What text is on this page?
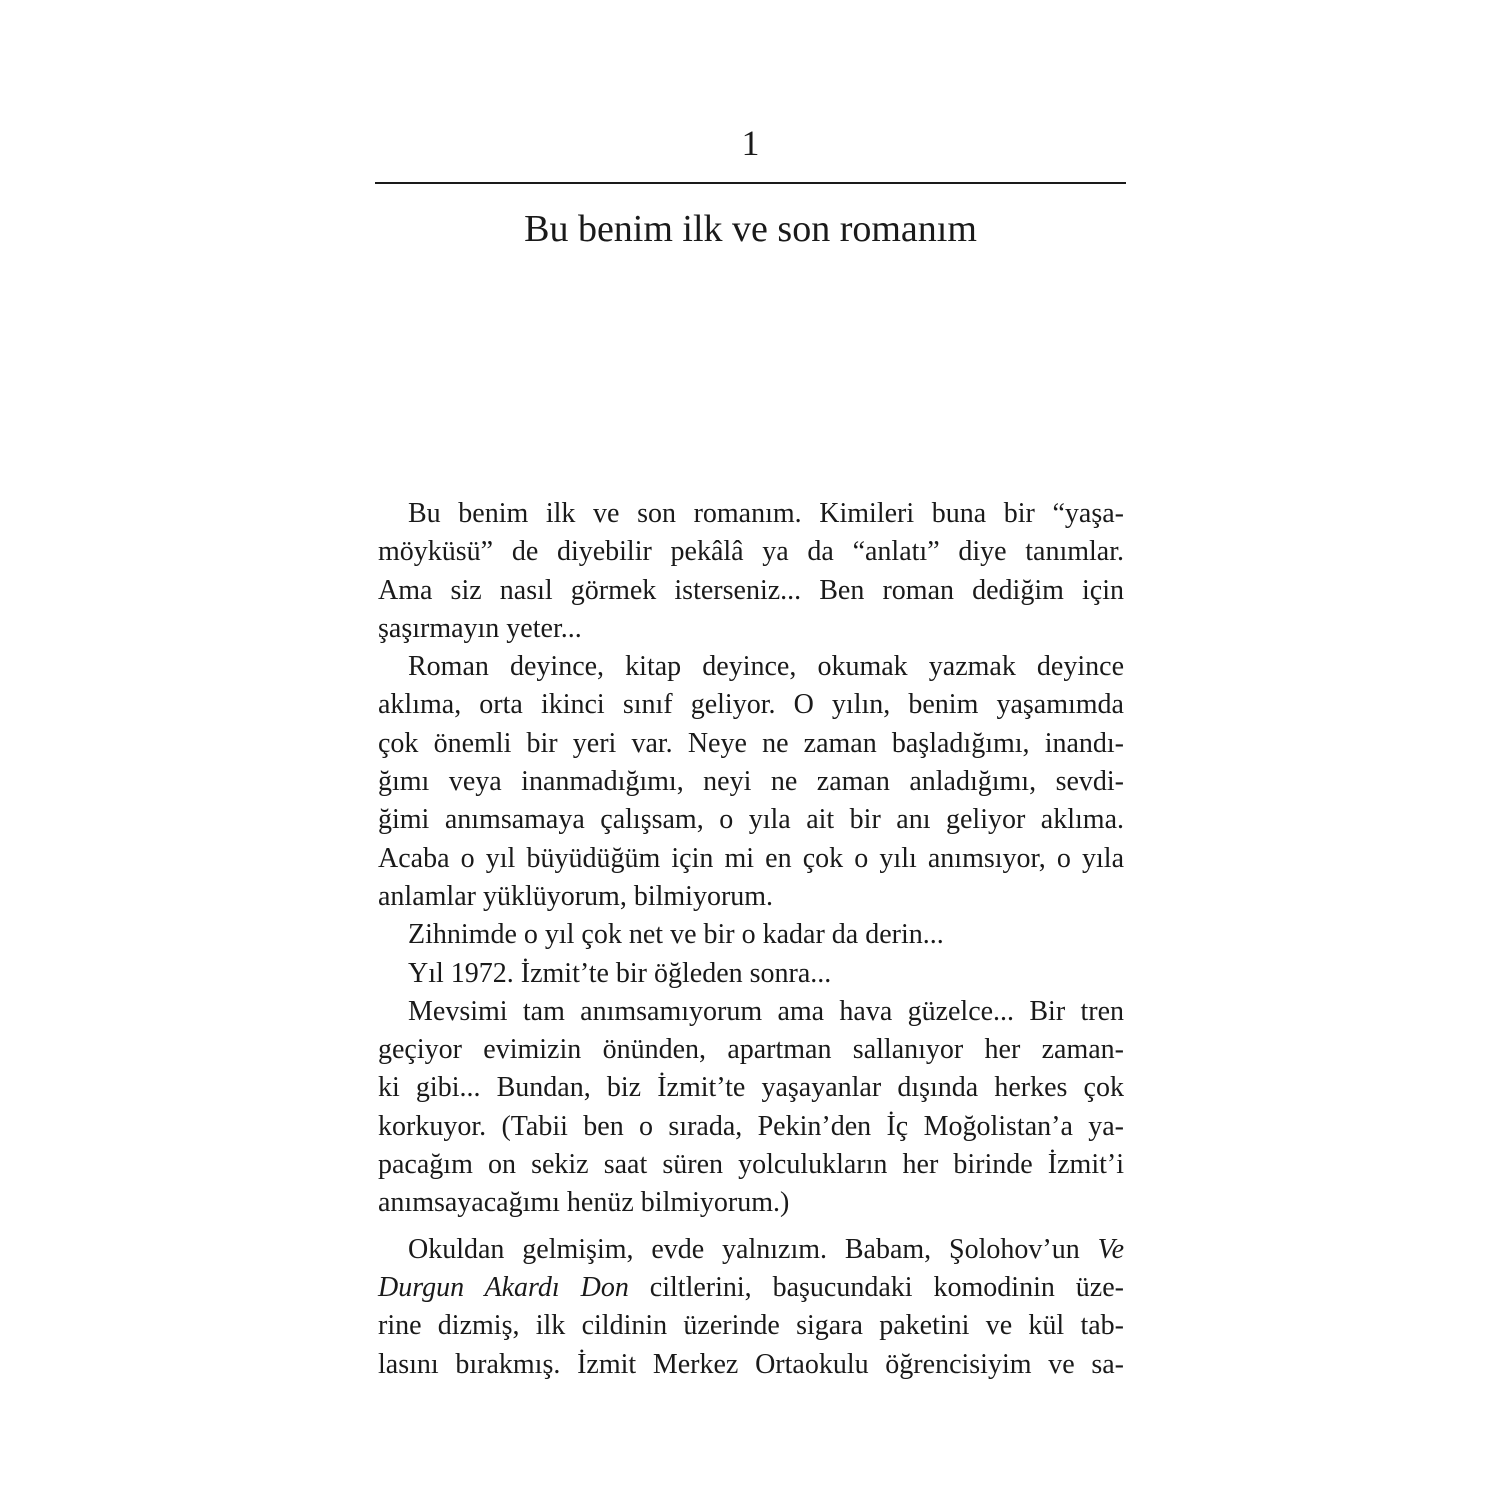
1
Bu benim ilk ve son romanım
Bu benim ilk ve son romanım. Kimileri buna bir “yaşa-
möyküsü” de diyebilir pekâlâ ya da “anlatı” diye tanımlar.
Ama siz nasıl görmek isterseniz... Ben roman dediğim için
şaşırmayın yeter...
Roman deyince, kitap deyince, okumak yazmak deyince
aklıma, orta ikinci sınıf geliyor. O yılın, benim yaşamımda
çok önemli bir yeri var. Neye ne zaman başladığımı, inandı-
ğımı veya inanmadığımı, neyi ne zaman anladığımı, sevdi-
ğimi anımsamaya çalışsam, o yıla ait bir anı geliyor aklıma.
Acaba o yıl büyüdüğüm için mi en çok o yılı anımsıyor, o yıla
anlamlar yüklüyorum, bilmiyorum.
Zihnimde o yıl çok net ve bir o kadar da derin...
Yıl 1972. İzmit’te bir öğleden sonra...
Mevsimi tam anımsamıyorum ama hava güzelce... Bir tren
geçiyor evimizin önünden, apartman sallanıyor her zaman-
ki gibi... Bundan, biz İzmit’te yaşayanlar dışında herkes çok
korkuyor. (Tabii ben o sırada, Pekin’den İç Moğolistan’a ya-
pacağım on sekiz saat süren yolculukların her birinde İzmit’i
anımsayacağımı henüz bilmiyorum.)
Okuldan gelmişim, evde yalnızım. Babam, Şolohov’un Ve
Durgun Akardı Don ciltlerini, başucundaki komodinin üze-
rine dizmiş, ilk cildinin üzerinde sigara paketini ve kül tab-
lasını bırakmış. İzmit Merkez Ortaokulu öğrencisiyim ve sa-
